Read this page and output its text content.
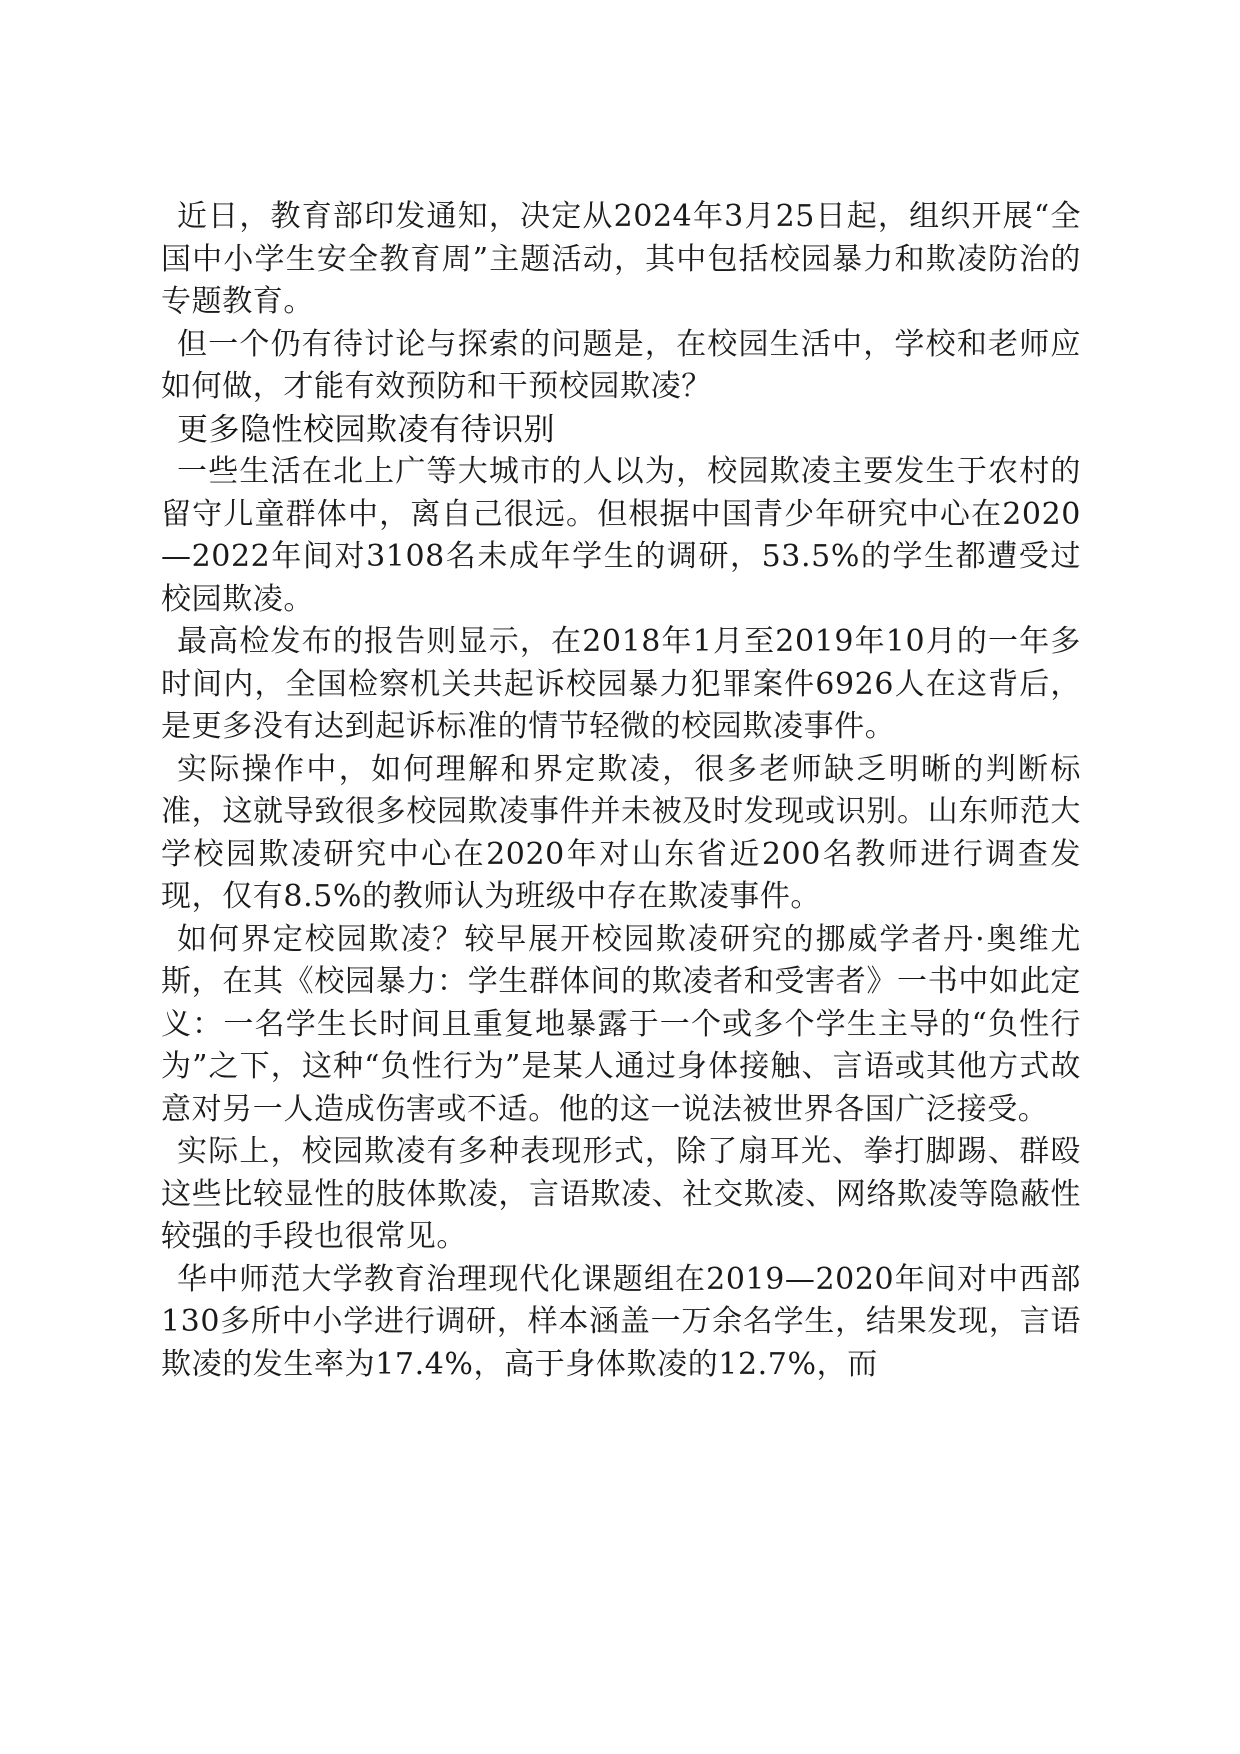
近日，教育部印发通知，决定从2024年3月25日起，组织开展“全国中小学生安全教育周”主题活动，其中包括校园暴力和欺凌防治的专题教育。

但一个仍有待讨论与探索的问题是，在校园生活中，学校和老师应如何做，才能有效预防和干预校园欺凌？

更多隐性校园欺凌有待识别

一些生活在北上广等大城市的人以为，校园欺凌主要发生于农村的留守儿童群体中，离自己很远。但根据中国青少年研究中心在2020—2022年间对3108名未成年学生的调研，53.5%的学生都遭受过校园欺凌。

最高检发布的报告则显示，在2018年1月至2019年10月的一年多时间内，全国检察机关共起诉校园暴力犯罪案件6926人在这背后，是更多没有达到起诉标准的情节轻微的校园欺凌事件。

实际操作中，如何理解和界定欺凌，很多老师缺乏明晰的判断标准，这就导致很多校园欺凌事件并未被及时发现或识别。山东师范大学校园欺凌研究中心在2020年对山东省近200名教师进行调查发现，仅有8.5%的教师认为班级中存在欺凌事件。

如何界定校园欺凌？较早展开校园欺凌研究的挪威学者丹·奥维尤斯，在其《校园暴力：学生群体间的欺凌者和受害者》一书中如此定义：一名学生长时间且重复地暴露于一个或多个学生主导的“负性行为”之下，这种“负性行为”是某人通过身体接触、言语或其他方式故意对另一人造成伤害或不适。他的这一说法被世界各国广泛接受。

实际上，校园欺凌有多种表现形式，除了扇耳光、拳打脚踢、群殴这些比较显性的肢体欺凌，言语欺凌、社交欺凌、网络欺凌等隐蔽性较强的手段也很常见。

华中师范大学教育治理现代化课题组在2019—2020年间对中西部130多所中小学进行调研，样本涵盖一万余名学生，结果发现，言语欺凌的发生率为17.4%，高于身体欺凌的12.7%，而
